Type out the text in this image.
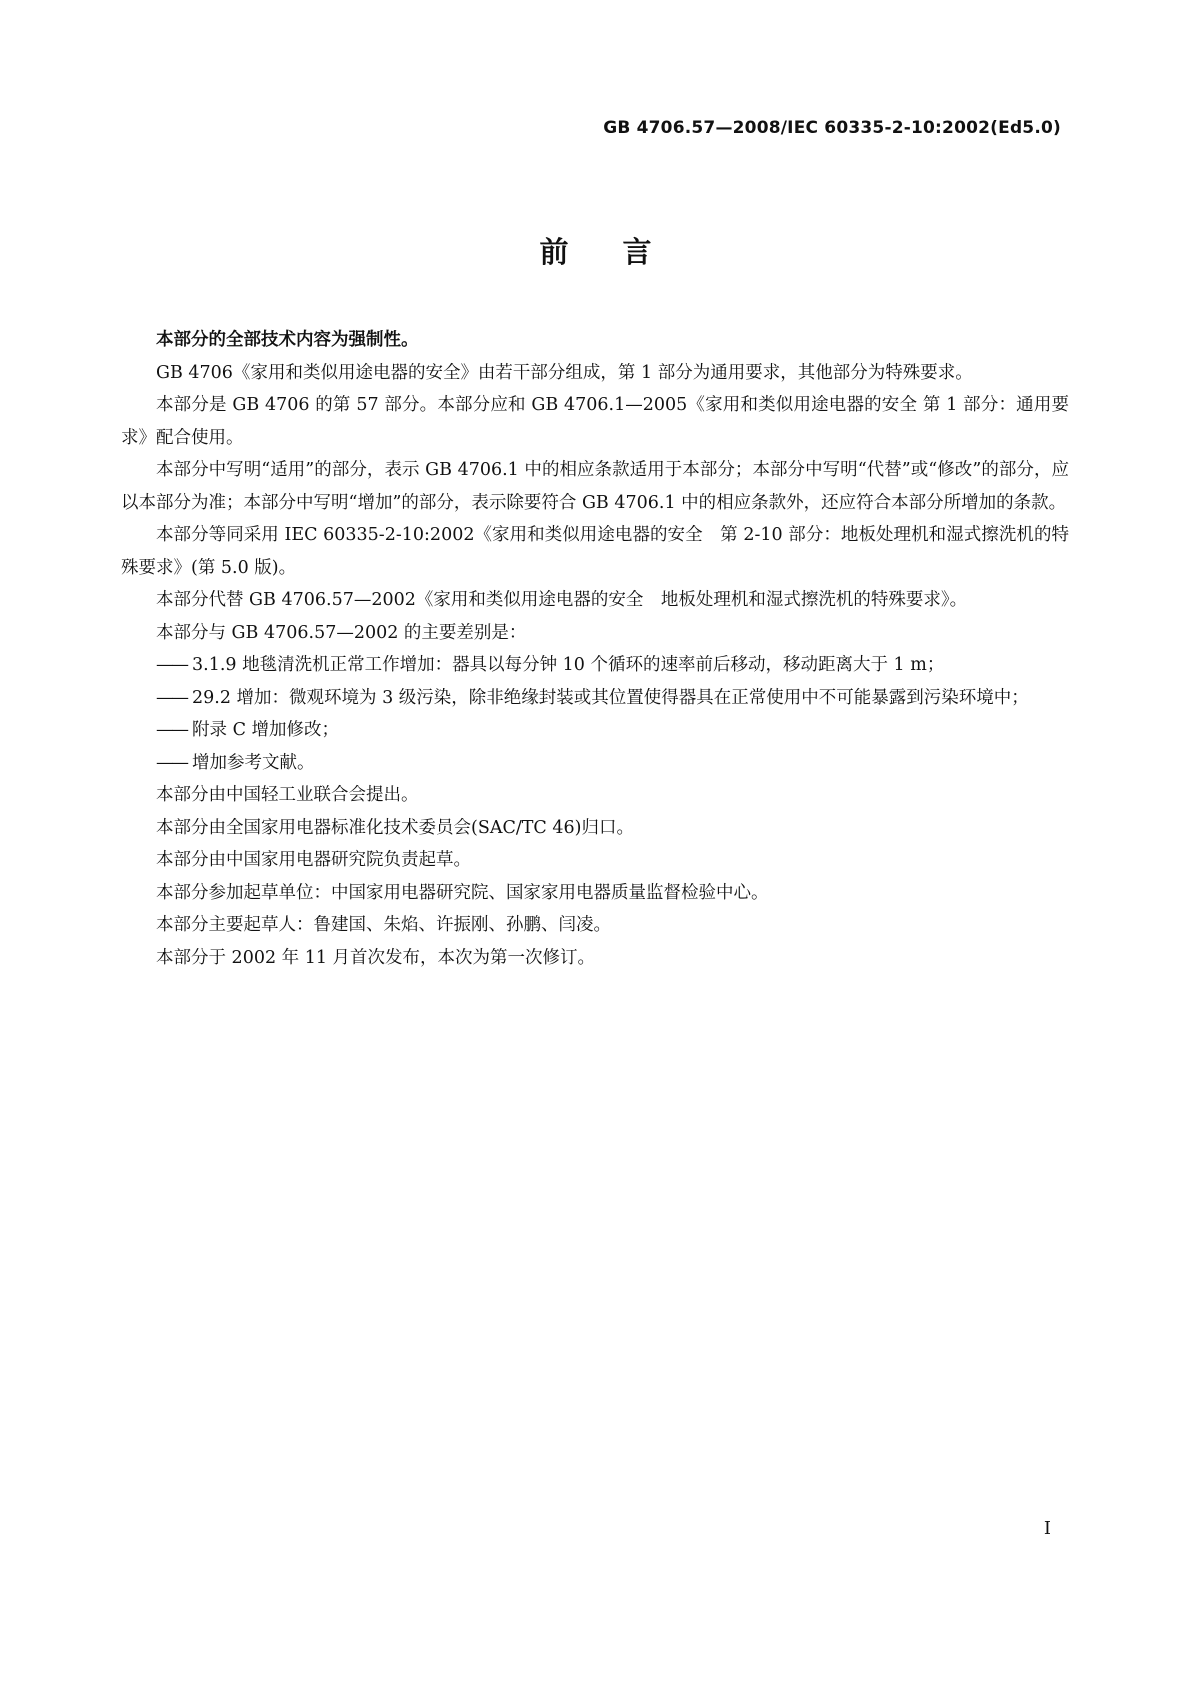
GB 4706.57—2008/IEC 60335-2-10:2002(Ed5.0)
前言

本部分的全部技术内容为强制性。

GB 4706《家用和类似用途电器的安全》由若干部分组成，第 1 部分为通用要求，其他部分为特殊要求。

本部分是 GB 4706 的第 57 部分。本部分应和 GB 4706.1—2005《家用和类似用途电器的安全 第 1 部分：通用要求》配合使用。

本部分中写明“适用”的部分，表示 GB 4706.1 中的相应条款适用于本部分；本部分中写明“代替”或“修改”的部分，应以本部分为准；本部分中写明“增加”的部分，表示除要符合 GB 4706.1 中的相应条款外，还应符合本部分所增加的条款。

本部分等同采用 IEC 60335-2-10:2002《家用和类似用途电器的安全　第 2-10 部分：地板处理机和湿式擦洗机的特殊要求》(第 5.0 版)。

本部分代替 GB 4706.57—2002《家用和类似用途电器的安全　地板处理机和湿式擦洗机的特殊要求》。

本部分与 GB 4706.57—2002 的主要差别是：

—— 3.1.9 地毯清洗机正常工作增加：器具以每分钟 10 个循环的速率前后移动，移动距离大于 1 m；

—— 29.2 增加：微观环境为 3 级污染，除非绝缘封装或其位置使得器具在正常使用中不可能暴露到污染环境中；

—— 附录 C 增加修改；

—— 增加参考文献。

本部分由中国轻工业联合会提出。

本部分由全国家用电器标准化技术委员会(SAC/TC 46)归口。

本部分由中国家用电器研究院负责起草。

本部分参加起草单位：中国家用电器研究院、国家家用电器质量监督检验中心。

本部分主要起草人：鲁建国、朱焰、许振刚、孙鹏、闫凌。

本部分于 2002 年 11 月首次发布，本次为第一次修订。

I
